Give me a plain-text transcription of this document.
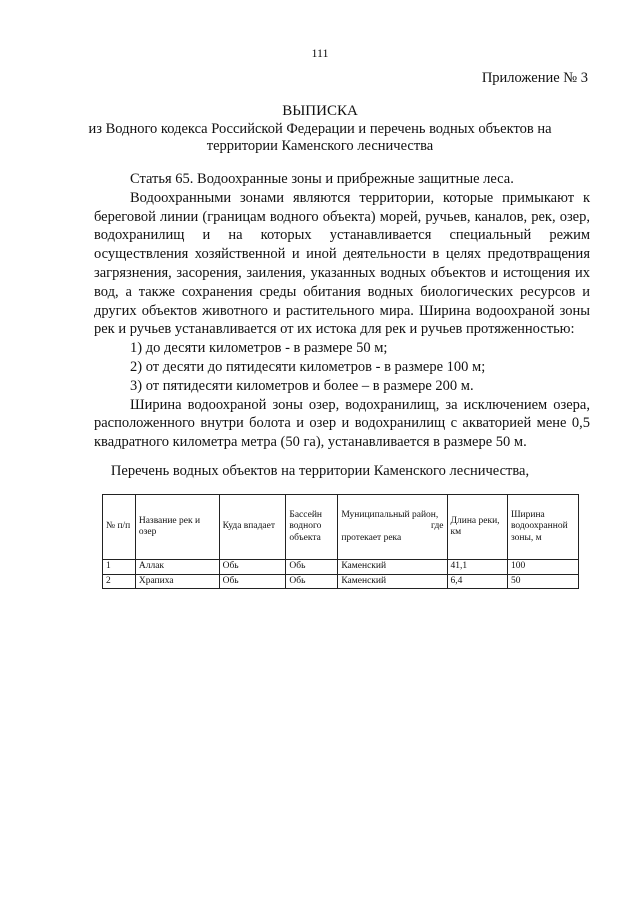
111
Приложение № 3
ВЫПИСКА
из Водного кодекса Российской Федерации и перечень водных объектов на
территории Каменского лесничества

Статья 65. Водоохранные зоны и прибрежные защитные леса.

Водоохранными зонами являются территории, которые примыкают к береговой линии (границам водного объекта) морей, ручьев, каналов, рек, озер, водохранилищ и на которых устанавливается специальный режим осуществления хозяйственной и иной деятельности в целях предотвращения загрязнения, засорения, заиления, указанных водных объектов и истощения их вод, а также сохранения среды обитания водных биологических ресурсов и других объектов животного и растительного мира. Ширина водоохраной зоны рек и ручьев устанавливается от их истока для рек и ручьев протяженностью:

1) до десяти километров - в размере 50 м;

2) от десяти до пятидесяти километров - в размере 100 м;

3) от пятидесяти километров и более – в размере 200 м.

Ширина водоохраной зоны озер, водохранилищ, за исключением озера, расположенного внутри болота и озер и водохранилищ с акваторией мене 0,5 квадратного километра метра (50 га), устанавливается в размере 50 м.

Перечень водных объектов на территории Каменского лесничества,
№ п/п	Название рек и озер	Куда впадает	Бассейн водного объекта	Муниципальный район,
где
протекает река	Длина реки, км	Ширина водоохранной зоны, м
1	Аллак	Обь	Обь	Каменский	41,1	100
2	Храпиха	Обь	Обь	Каменский	6,4	50
